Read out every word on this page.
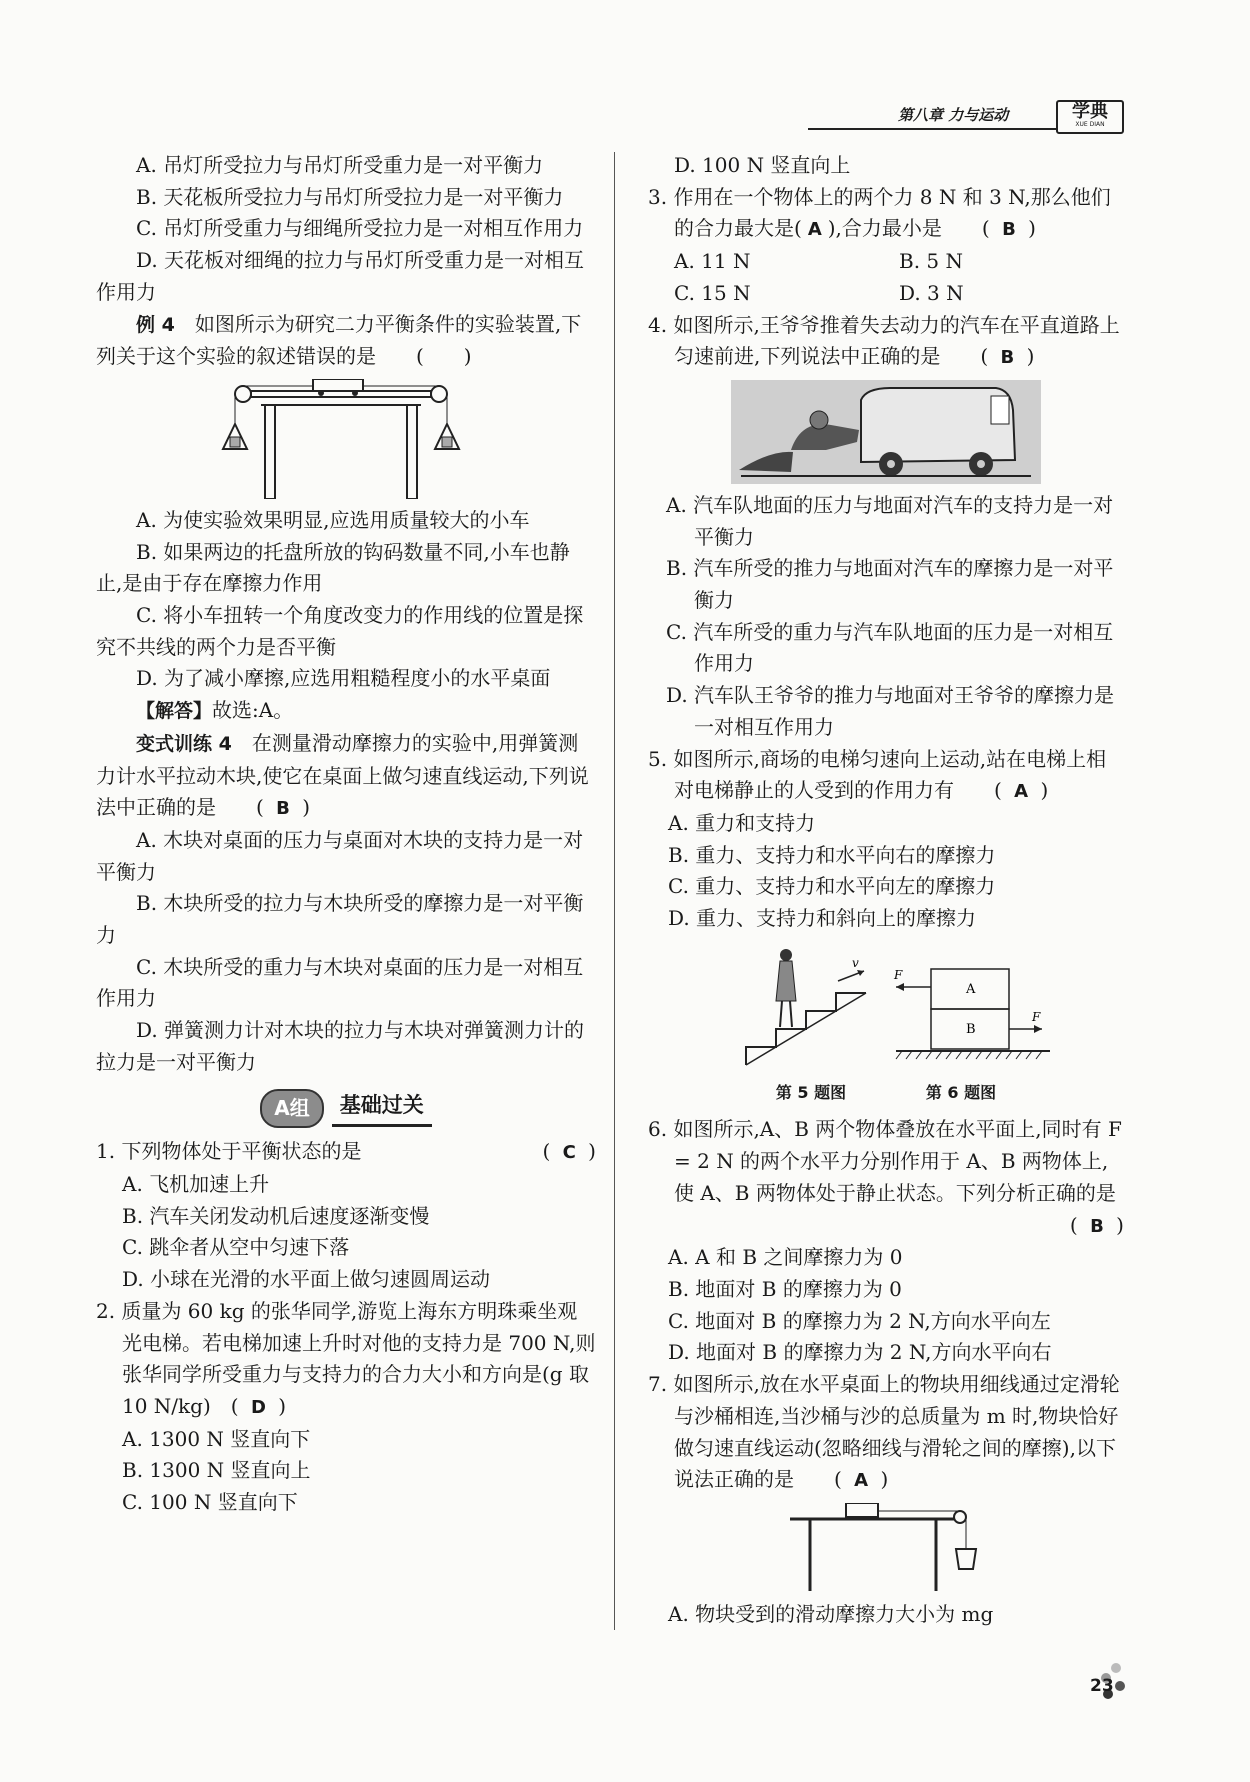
第八章 力与运动	学典
XUE DIAN

A. 吊灯所受拉力与吊灯所受重力是一对平衡力

B. 天花板所受拉力与吊灯所受拉力是一对平衡力

C. 吊灯所受重力与细绳所受拉力是一对相互作用力

D. 天花板对细绳的拉力与吊灯所受重力是一对相互作用力

例 4　 如图所示为研究二力平衡条件的实验装置,下列关于这个实验的叙述错误的是　　 (　　)

A. 为使实验效果明显,应选用质量较大的小车

B. 如果两边的托盘所放的钩码数量不同,小车也静止,是由于存在摩擦力作用

C. 将小车扭转一个角度改变力的作用线的位置是探究不共线的两个力是否平衡

D. 为了减小摩擦,应选用粗糙程度小的水平桌面

【解答】故选:A。

变式训练 4　 在测量滑动摩擦力的实验中,用弹簧测力计水平拉动木块,使它在桌面上做匀速直线运动,下列说法中正确的是　　( B )

A. 木块对桌面的压力与桌面对木块的支持力是一对平衡力

B. 木块所受的拉力与木块所受的摩擦力是一对平衡力

C. 木块所受的重力与木块对桌面的压力是一对相互作用力

D. 弹簧测力计对木块的拉力与木块对弹簧测力计的拉力是一对平衡力

A组	基础过关
1. 下列物体处于平衡状态的是	( C )

A. 飞机加速上升

B. 汽车关闭发动机后速度逐渐变慢

C. 跳伞者从空中匀速下落

D. 小球在光滑的水平面上做匀速圆周运动

2. 质量为 60 kg 的张华同学,游览上海东方明珠乘坐观光电梯。若电梯加速上升时对他的支持力是 700 N,则张华同学所受重力与支持力的合力大小和方向是(g 取 10 N/kg)　( D )

A. 1300 N 竖直向下

B. 1300 N 竖直向上

C. 100 N 竖直向下

D. 100 N 竖直向上

3. 作用在一个物体上的两个力 8 N 和 3 N,那么他们的合力最大是( A ),合力最小是　　( B )

A. 11 N	B. 5 N
C. 15 N	D. 3 N

4. 如图所示,王爷爷推着失去动力的汽车在平直道路上匀速前进,下列说法中正确的是　　( B )

A. 汽车队地面的压力与地面对汽车的支持力是一对平衡力

B. 汽车所受的推力与地面对汽车的摩擦力是一对平衡力

C. 汽车所受的重力与汽车队地面的压力是一对相互作用力

D. 汽车队王爷爷的推力与地面对王爷爷的摩擦力是一对相互作用力

5. 如图所示,商场的电梯匀速向上运动,站在电梯上相对电梯静止的人受到的作用力有　　( A )

A. 重力和支持力

B. 重力、支持力和水平向右的摩擦力

C. 重力、支持力和水平向左的摩擦力

D. 重力、支持力和斜向上的摩擦力

v
A
B
F
F
第 5 题图	第 6 题图

6. 如图所示,A、B 两个物体叠放在水平面上,同时有 F = 2 N 的两个水平力分别作用于 A、B 两物体上,使 A、B 两物体处于静止状态。下列分析正确的是
( B )

A. A 和 B 之间摩擦力为 0

B. 地面对 B 的摩擦力为 0

C. 地面对 B 的摩擦力为 2 N,方向水平向左

D. 地面对 B 的摩擦力为 2 N,方向水平向右

7. 如图所示,放在水平桌面上的物块用细线通过定滑轮与沙桶相连,当沙桶与沙的总质量为 m 时,物块恰好做匀速直线运动(忽略细线与滑轮之间的摩擦),以下说法正确的是　　( A )

A. 物块受到的滑动摩擦力大小为 mg

23
